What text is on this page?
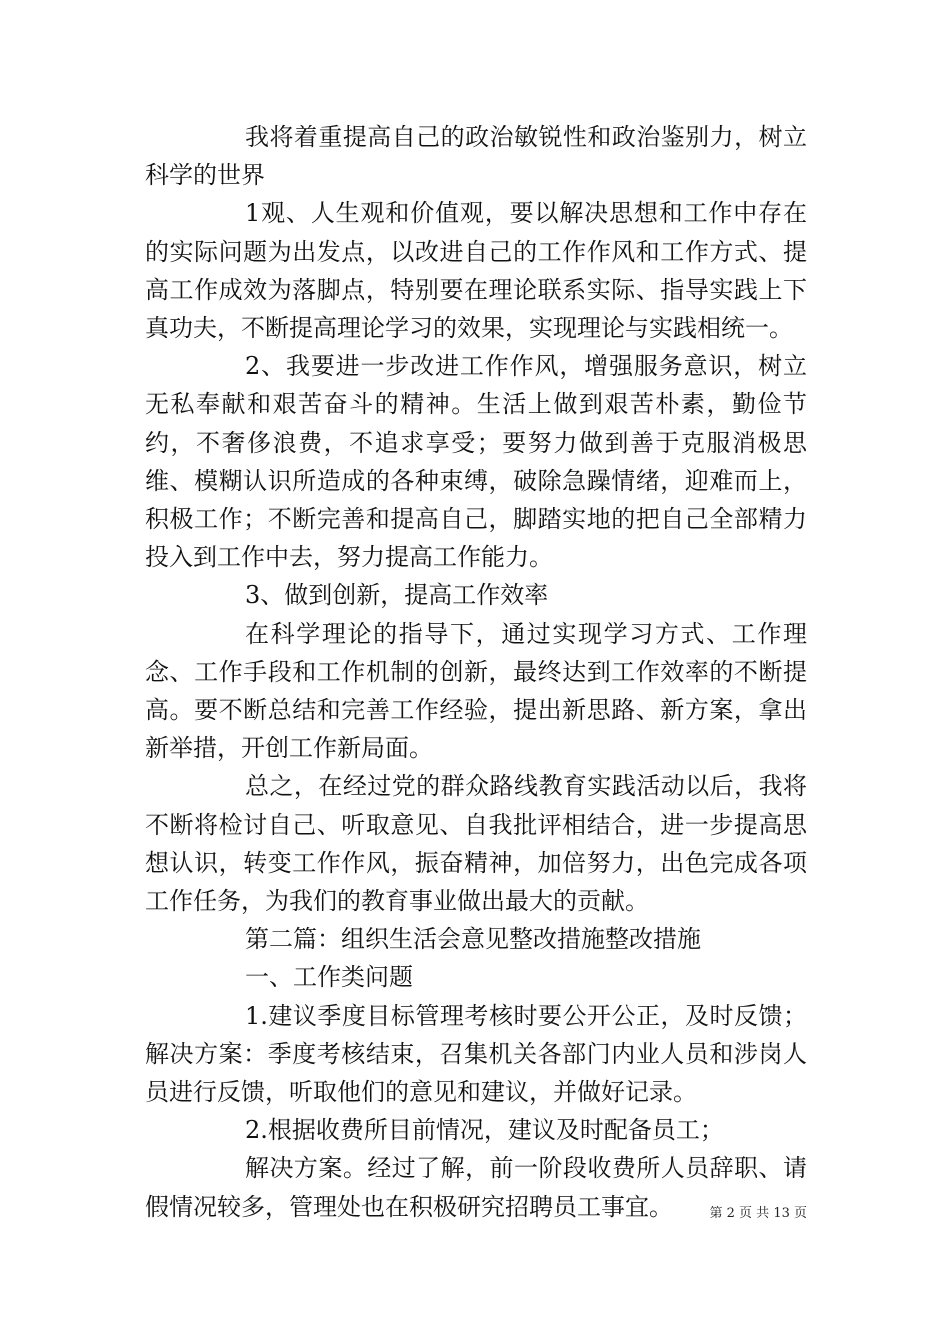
我将着重提高自己的政治敏锐性和政治鉴别力，树立科学的世界

1观、人生观和价值观，要以解决思想和工作中存在的实际问题为出发点，以改进自己的工作作风和工作方式、提高工作成效为落脚点，特别要在理论联系实际、指导实践上下真功夫，不断提高理论学习的效果，实现理论与实践相统一。

2、我要进一步改进工作作风，增强服务意识，树立无私奉献和艰苦奋斗的精神。生活上做到艰苦朴素，勤俭节约，不奢侈浪费，不追求享受；要努力做到善于克服消极思维、模糊认识所造成的各种束缚，破除急躁情绪，迎难而上，积极工作；不断完善和提高自己，脚踏实地的把自己全部精力投入到工作中去，努力提高工作能力。

3、做到创新，提高工作效率

在科学理论的指导下，通过实现学习方式、工作理念、工作手段和工作机制的创新，最终达到工作效率的不断提高。要不断总结和完善工作经验，提出新思路、新方案，拿出新举措，开创工作新局面。

总之，在经过党的群众路线教育实践活动以后，我将不断将检讨自己、听取意见、自我批评相结合，进一步提高思想认识，转变工作作风，振奋精神，加倍努力，出色完成各项工作任务，为我们的教育事业做出最大的贡献。

第二篇：组织生活会意见整改措施整改措施

一、工作类问题

1.建议季度目标管理考核时要公开公正，及时反馈；解决方案：季度考核结束，召集机关各部门内业人员和涉岗人员进行反馈，听取他们的意见和建议，并做好记录。

2.根据收费所目前情况，建议及时配备员工；

解决方案。经过了解，前一阶段收费所人员辞职、请假情况较多，管理处也在积极研究招聘员工事宜。	第 2 页 共 13 页
